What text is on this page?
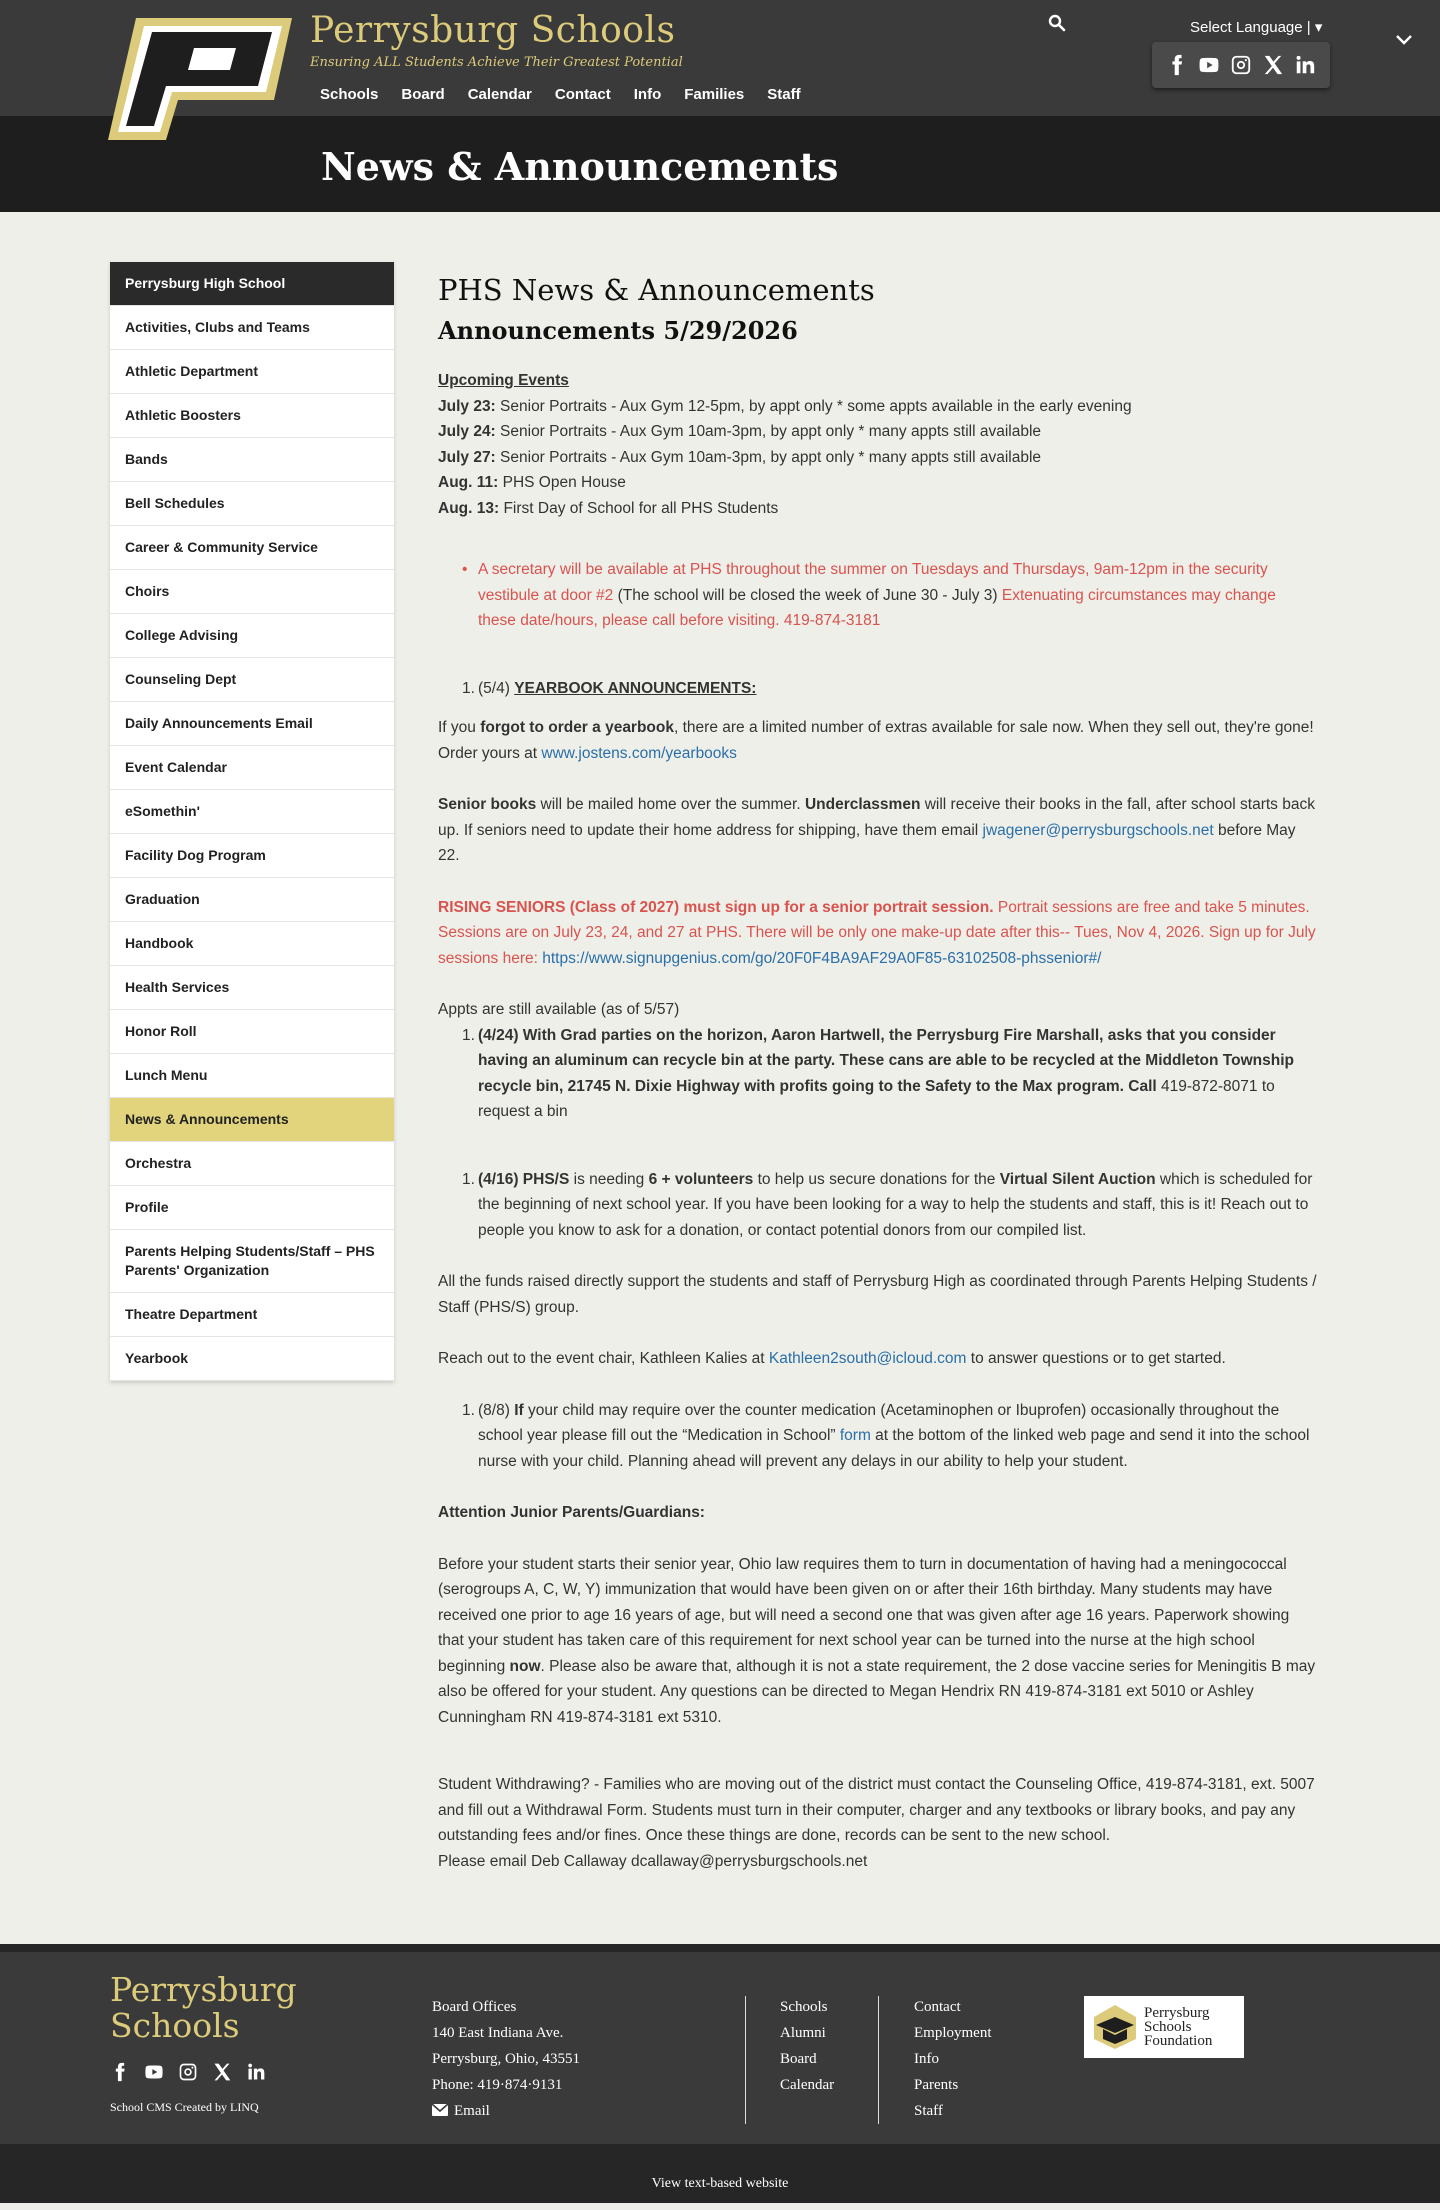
Perrysburg Schools
Ensuring ALL Students Achieve Their Greatest Potential
Schools Board Calendar Contact Info Families Staff
Select Language | ▾
News & Announcements
Perrysburg High School
Activities, Clubs and Teams
Athletic Department
Athletic Boosters
Bands
Bell Schedules
Career & Community Service
Choirs
College Advising
Counseling Dept
Daily Announcements Email
Event Calendar
eSomethin'
Facility Dog Program
Graduation
Handbook
Health Services
Honor Roll
Lunch Menu
News & Announcements
Orchestra
Profile
Parents Helping Students/Staff – PHS Parents' Organization
Theatre Department
Yearbook
PHS News & Announcements
Announcements 5/29/2026

Upcoming Events

July 23: Senior Portraits - Aux Gym 12-5pm, by appt only * some appts available in the early evening

July 24: Senior Portraits - Aux Gym 10am-3pm, by appt only * many appts still available

July 27: Senior Portraits - Aux Gym 10am-3pm, by appt only * many appts still available

Aug. 11: PHS Open House

Aug. 13: First Day of School for all PHS Students

• A secretary will be available at PHS throughout the summer on Tuesdays and Thursdays, 9am-12pm in the security vestibule at door #2 (The school will be closed the week of June 30 - July 3) Extenuating circumstances may change these date/hours, please call before visiting. 419-874-3181
1. (5/4) YEARBOOK ANNOUNCEMENTS:

If you forgot to order a yearbook, there are a limited number of extras available for sale now. When they sell out, they're gone! Order yours at www.jostens.com/yearbooks

Senior books will be mailed home over the summer. Underclassmen will receive their books in the fall, after school starts back up. If seniors need to update their home address for shipping, have them email jwagener@perrysburgschools.net before May 22.

RISING SENIORS (Class of 2027) must sign up for a senior portrait session. Portrait sessions are free and take 5 minutes. Sessions are on July 23, 24, and 27 at PHS. There will be only one make-up date after this-- Tues, Nov 4, 2026. Sign up for July sessions here: https://www.signupgenius.com/go/20F0F4BA9AF29A0F85-63102508-phssenior#/

Appts are still available (as of 5/57)

1. (4/24) With Grad parties on the horizon, Aaron Hartwell, the Perrysburg Fire Marshall, asks that you consider having an aluminum can recycle bin at the party. These cans are able to be recycled at the Middleton Township recycle bin, 21745 N. Dixie Highway with profits going to the Safety to the Max program. Call 419-872-8071 to request a bin
1. (4/16) PHS/S is needing 6 + volunteers to help us secure donations for the Virtual Silent Auction which is scheduled for the beginning of next school year. If you have been looking for a way to help the students and staff, this is it! Reach out to people you know to ask for a donation, or contact potential donors from our compiled list.

All the funds raised directly support the students and staff of Perrysburg High as coordinated through Parents Helping Students / Staff (PHS/S) group.

Reach out to the event chair, Kathleen Kalies at Kathleen2south@icloud.com to answer questions or to get started.

1. (8/8) If your child may require over the counter medication (Acetaminophen or Ibuprofen) occasionally throughout the school year please fill out the “Medication in School” form at the bottom of the linked web page and send it into the school nurse with your child. Planning ahead will prevent any delays in our ability to help your student.

Attention Junior Parents/Guardians:

Before your student starts their senior year, Ohio law requires them to turn in documentation of having had a meningococcal (serogroups A, C, W, Y) immunization that would have been given on or after their 16th birthday. Many students may have received one prior to age 16 years of age, but will need a second one that was given after age 16 years. Paperwork showing that your student has taken care of this requirement for next school year can be turned into the nurse at the high school beginning now. Please also be aware that, although it is not a state requirement, the 2 dose vaccine series for Meningitis B may also be offered for your student. Any questions can be directed to Megan Hendrix RN 419-874-3181 ext 5010 or Ashley Cunningham RN 419-874-3181 ext 5310.

Student Withdrawing? - Families who are moving out of the district must contact the Counseling Office, 419-874-3181, ext. 5007 and fill out a Withdrawal Form. Students must turn in their computer, charger and any textbooks or library books, and pay any outstanding fees and/or fines. Once these things are done, records can be sent to the new school.

Please email Deb Callaway dcallaway@perrysburgschools.net

Perrysburg
Schools
School CMS Created by LINQ
Board Offices
140 East Indiana Ave.
Perrysburg, Ohio, 43551
Phone: 419·874·9131
Email
Schools
Alumni
Board
Calendar
Contact
Employment
Info
Parents
Staff
Perrysburg
Schools
Foundation
View text-based website
